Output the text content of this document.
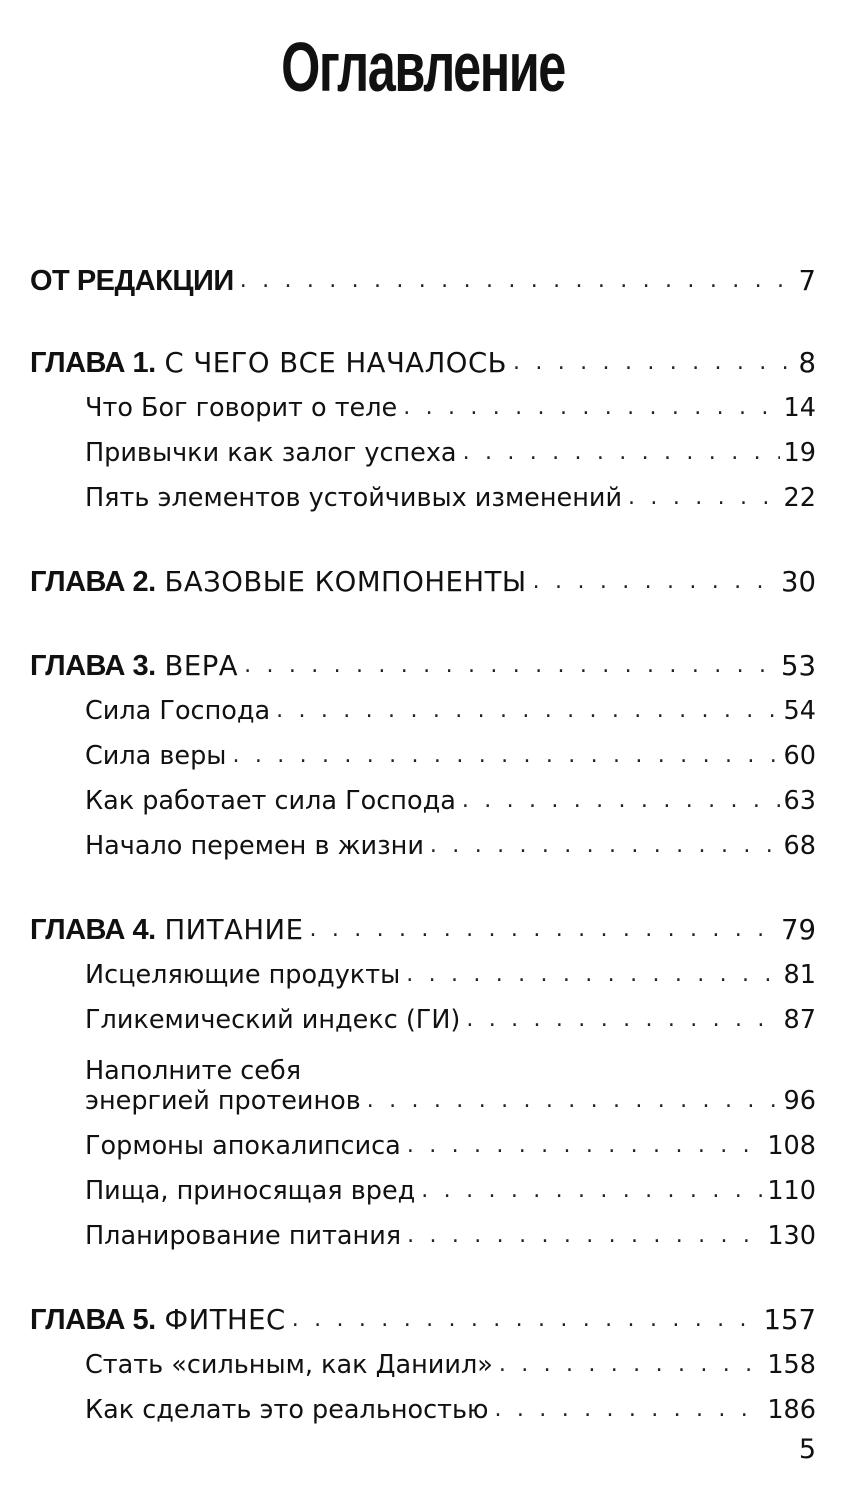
Оглавление
ОТ РЕДАКЦИИ . . .	7
ГЛАВА 1. С ЧЕГО ВСЕ НАЧАЛОСЬ . . .	8
Что Бог говорит о теле . . .	14
Привычки как залог успеха . . .	19
Пять элементов устойчивых изменений . . .	22
ГЛАВА 2. БАЗОВЫЕ КОМПОНЕНТЫ . . .	30
ГЛАВА 3. ВЕРА . . .	53
Сила Господа . . .	54
Сила веры . . .	60
Как работает сила Господа . . .	63
Начало перемен в жизни . . .	68
ГЛАВА 4. ПИТАНИЕ . . .	79
Исцеляющие продукты . . .	81
Гликемический индекс (ГИ) . . .	87
Наполните себя
энергией протеинов . . .	96
Гормоны апокалипсиса . . .	108
Пища, приносящая вред . . .	110
Планирование питания . . .	130
ГЛАВА 5. ФИТНЕС . . .	157
Стать «сильным, как Даниил» . . .	158
Как сделать это реальностью . . .	186
5
